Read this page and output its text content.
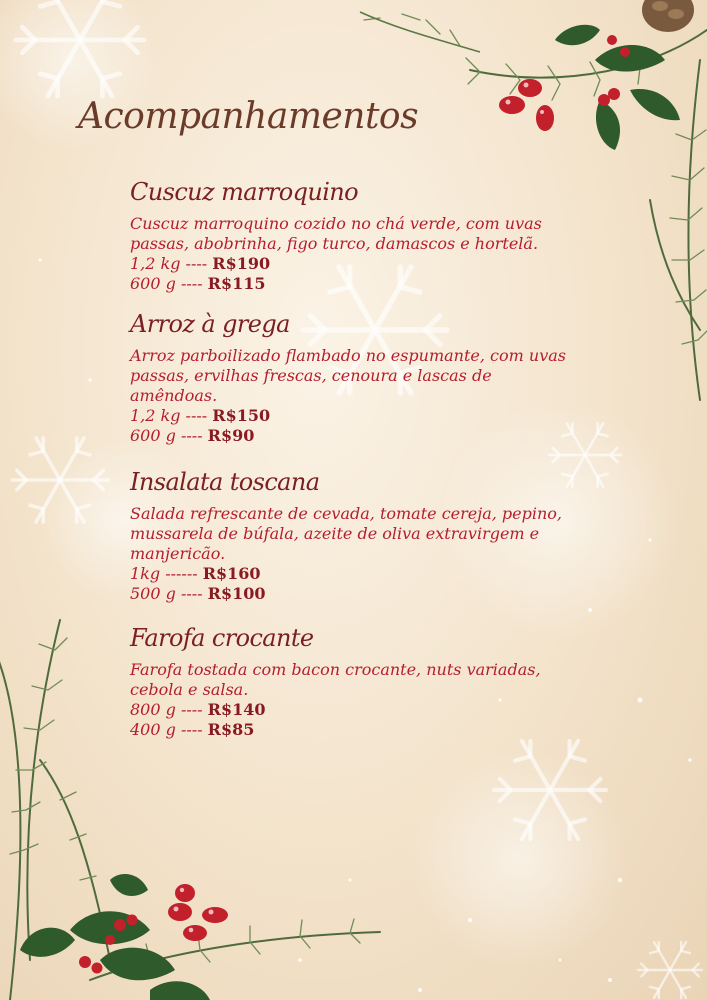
Acompanhamentos
Cuscuz marroquino

Cuscuz marroquino cozido no chá verde, com uvas passas, abobrinha, figo turco, damascos e hortelã.

1,2 kg ---- R$190

600 g ---- R$115

Arroz à grega

Arroz parboilizado flambado no espumante, com uvas passas, ervilhas frescas, cenoura e lascas de amêndoas.

1,2 kg ---- R$150

600 g ---- R$90

Insalata toscana

Salada refrescante de cevada, tomate cereja, pepino, mussarela de búfala, azeite de oliva extravirgem e manjericão.

1kg ------ R$160

500 g ---- R$100

Farofa crocante

Farofa tostada com bacon crocante, nuts variadas, cebola e salsa.

800 g ---- R$140

400 g ---- R$85
